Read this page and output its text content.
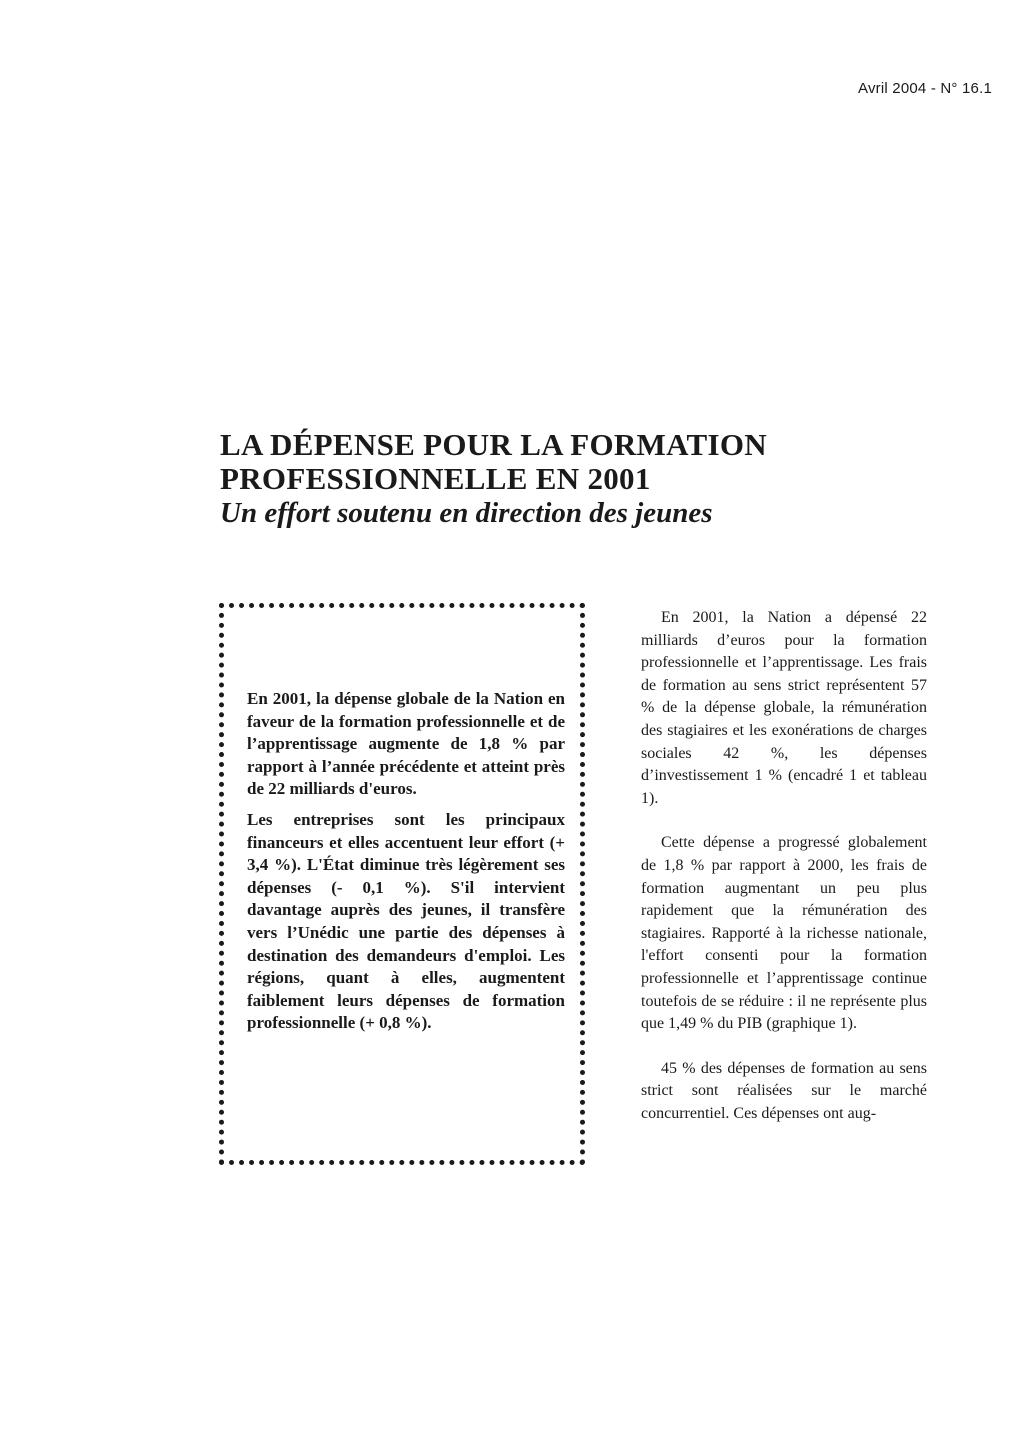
Avril 2004 - N° 16.1
LA DÉPENSE POUR LA FORMATION
PROFESSIONNELLE EN 2001
Un effort soutenu en direction des jeunes

En 2001, la dépense globale de la Nation en faveur de la formation professionnelle et de l’apprentissage augmente de 1,8 % par rapport à l’année précédente et atteint près de 22 milliards d'euros.

Les entreprises sont les principaux financeurs et elles accentuent leur effort (+ 3,4 %). L'État diminue très légèrement ses dépenses (- 0,1 %). S'il intervient davantage auprès des jeunes, il transfère vers l’Unédic une partie des dépenses à destination des demandeurs d'emploi. Les régions, quant à elles, augmentent faiblement leurs dépenses de formation professionnelle (+ 0,8 %).

En 2001, la Nation a dépensé 22 milliards d’euros pour la formation professionnelle et l’apprentissage. Les frais de formation au sens strict représentent 57 % de la dépense globale, la rémunération des stagiaires et les exonérations de charges sociales 42 %, les dépenses d’investissement 1 % (encadré 1 et tableau 1).

Cette dépense a progressé globalement de 1,8 % par rapport à 2000, les frais de formation augmentant un peu plus rapidement que la rémunération des stagiaires. Rapporté à la richesse nationale, l'effort consenti pour la formation professionnelle et l’apprentissage continue toutefois de se réduire : il ne représente plus que 1,49 % du PIB (graphique 1).

45 % des dépenses de formation au sens strict sont réalisées sur le marché concurrentiel. Ces dépenses ont aug-
